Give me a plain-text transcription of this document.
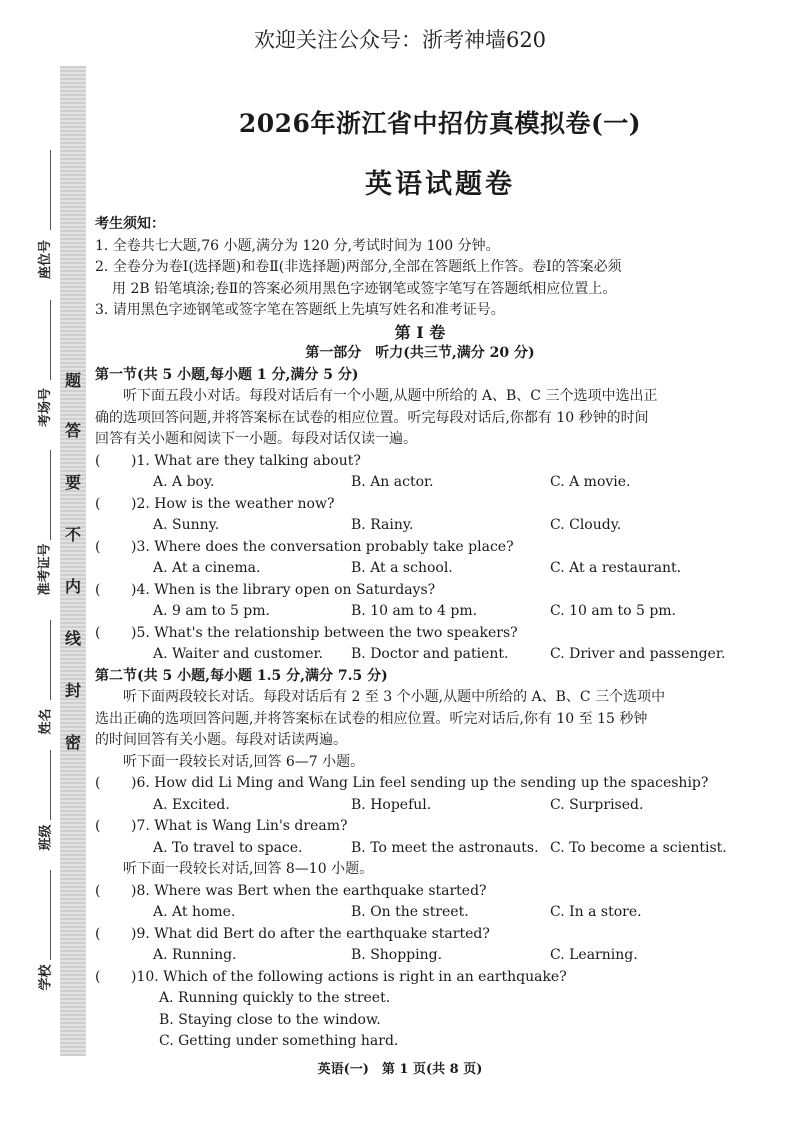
欢迎关注公众号：浙考神墙620
题
答
要
不
内
线
封
密
座位号
考场号
准考证号
姓名
班级
学校
2026年浙江省中招仿真模拟卷(一)
英语试题卷

考生须知：

1. 全卷共七大题,76 小题,满分为 120 分,考试时间为 100 分钟。

2. 全卷分为卷Ⅰ(选择题)和卷Ⅱ(非选择题)两部分,全部在答题纸上作答。卷Ⅰ的答案必须

用 2B 铅笔填涂;卷Ⅱ的答案必须用黑色字迹钢笔或签字笔写在答题纸相应位置上。

3. 请用黑色字迹钢笔或签字笔在答题纸上先填写姓名和准考证号。

第 I 卷

第一部分　听力(共三节,满分 20 分)

第一节(共 5 小题,每小题 1 分,满分 5 分)

听下面五段小对话。每段对话后有一个小题,从题中所给的 A、B、C 三个选项中选出正

确的选项回答问题,并将答案标在试卷的相应位置。听完每段对话后,你都有 10 秒钟的时间

回答有关小题和阅读下一小题。每段对话仅读一遍。

( )1. What are they talking about?
A. A boy.	B. An actor.	C. A movie.
( )2. How is the weather now?
A. Sunny.	B. Rainy.	C. Cloudy.
( )3. Where does the conversation probably take place?
A. At a cinema.	B. At a school.	C. At a restaurant.
( )4. When is the library open on Saturdays?
A. 9 am to 5 pm.	B. 10 am to 4 pm.	C. 10 am to 5 pm.
( )5. What's the relationship between the two speakers?
A. Waiter and customer. B. Doctor and patient.	C. Driver and passenger.

第二节(共 5 小题,每小题 1.5 分,满分 7.5 分)

听下面两段较长对话。每段对话后有 2 至 3 个小题,从题中所给的 A、B、C 三个选项中

选出正确的选项回答问题,并将答案标在试卷的相应位置。听完对话后,你有 10 至 15 秒钟

的时间回答有关小题。每段对话读两遍。

听下面一段较长对话,回答 6—7 小题。

( )6. How did Li Ming and Wang Lin feel sending up the sending up the spaceship?
A. Excited.	B. Hopeful.	C. Surprised.
( )7. What is Wang Lin's dream?
A. To travel to space.	B. To meet the astronauts. C. To become a scientist.

听下面一段较长对话,回答 8—10 小题。

( )8. Where was Bert when the earthquake started?
A. At home.	B. On the street.	C. In a store.
( )9. What did Bert do after the earthquake started?
A. Running.	B. Shopping.	C. Learning.
( )10. Which of the following actions is right in an earthquake?

A. Running quickly to the street.

B. Staying close to the window.

C. Getting under something hard.

英语(一)　第 1 页(共 8 页)
